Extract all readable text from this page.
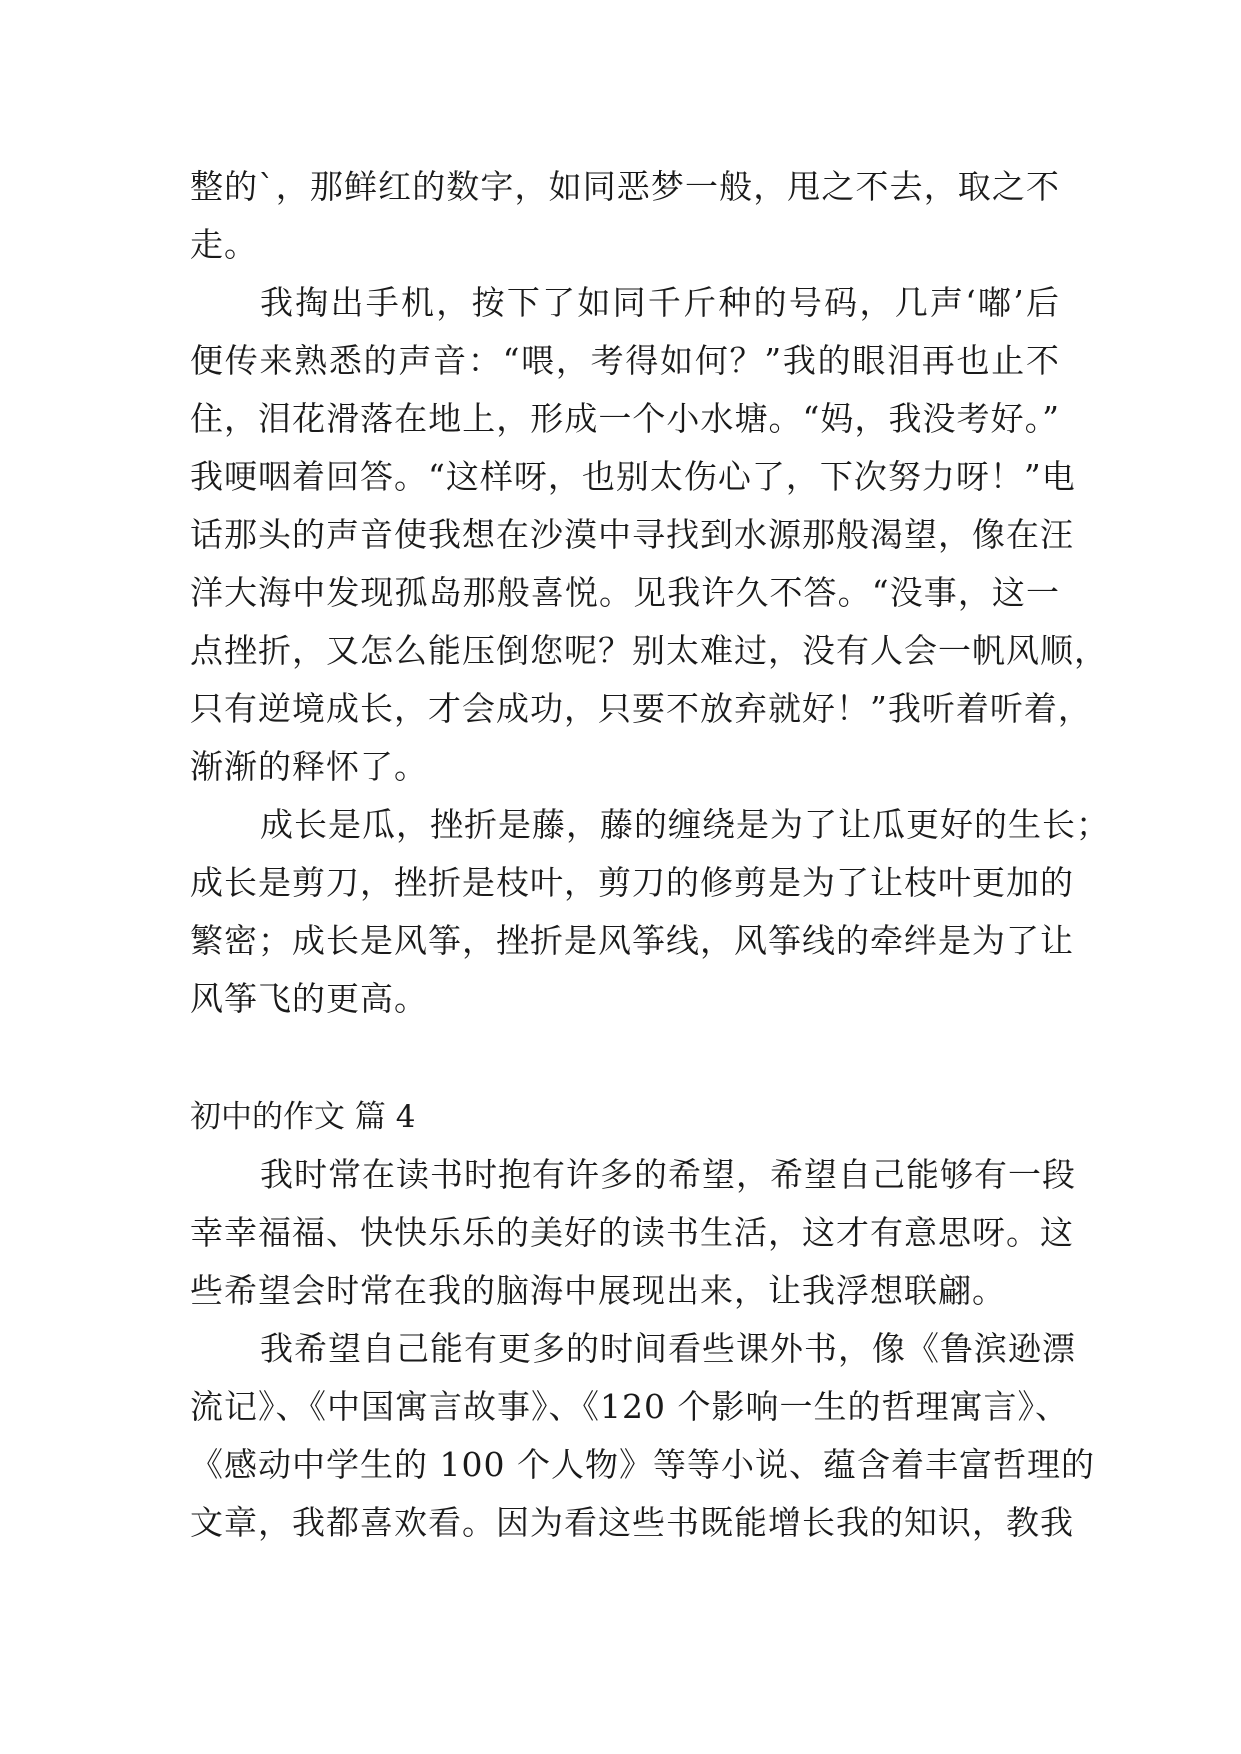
整的`，那鲜红的数字，如同恶梦一般，甩之不去，取之不
走。
我掏出手机，按下了如同千斤种的号码，几声‘嘟’后
便传来熟悉的声音：“喂，考得如何？”我的眼泪再也止不
住，泪花滑落在地上，形成一个小水塘。“妈，我没考好。”
我哽咽着回答。“这样呀，也别太伤心了，下次努力呀！”电
话那头的声音使我想在沙漠中寻找到水源那般渴望，像在汪
洋大海中发现孤岛那般喜悦。见我许久不答。“没事，这一
点挫折，又怎么能压倒您呢？别太难过，没有人会一帆风顺，
只有逆境成长，才会成功，只要不放弃就好！”我听着听着，
渐渐的释怀了。
成长是瓜，挫折是藤，藤的缠绕是为了让瓜更好的生长；
成长是剪刀，挫折是枝叶，剪刀的修剪是为了让枝叶更加的
繁密；成长是风筝，挫折是风筝线，风筝线的牵绊是为了让
风筝飞的更高。
初中的作文 篇 4
我时常在读书时抱有许多的希望，希望自己能够有一段
幸幸福福、快快乐乐的美好的读书生活，这才有意思呀。这
些希望会时常在我的脑海中展现出来，让我浮想联翩。
我希望自己能有更多的时间看些课外书，像《鲁滨逊漂
流记》、《中国寓言故事》、《120 个影响一生的哲理寓言》、
《感动中学生的 100 个人物》等等小说、蕴含着丰富哲理的
文章，我都喜欢看。因为看这些书既能增长我的知识，教我
